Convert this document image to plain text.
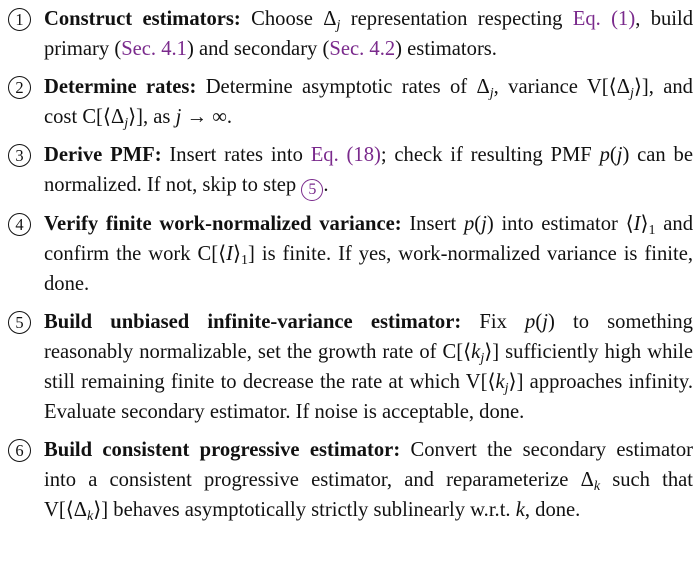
1 Construct estimators: Choose $\Delta_j$ representation respecting Eq. (1), build primary (Sec. 4.1) and secondary (Sec. 4.2) estimators.
2 Determine rates: Determine asymptotic rates of $\Delta_j$, variance $V[⟨\Delta_j⟩]$, and cost $C[⟨\Delta_j⟩]$, as j → ∞.
3 Derive PMF: Insert rates into Eq. (18); check if resulting PMF p(j) can be normalized. If not, skip to step 5 .
4 Verify finite work-normalized variance: Insert p(j) into estimator $⟨I⟩_1$ and confirm the work $C[⟨I⟩_1]$ is finite. If yes, work-normalized variance is finite, done.
5 Build unbiased infinite-variance estimator: Fix p(j) to something reasonably normalizable, set the growth rate of $C[⟨k_j⟩]$ sufficiently high while still remaining finite to decrease the rate at which $V[⟨k_j⟩]$ approaches infinity. Evaluate secondary estimator. If noise is acceptable, done.
6 Build consistent progressive estimator: Convert the secondary estimator into a consistent progressive estimator, and reparameterize $\Delta_k$ such that $V[⟨\Delta_k⟩]$ behaves asymptotically strictly sublinearly w.r.t. k, done.
